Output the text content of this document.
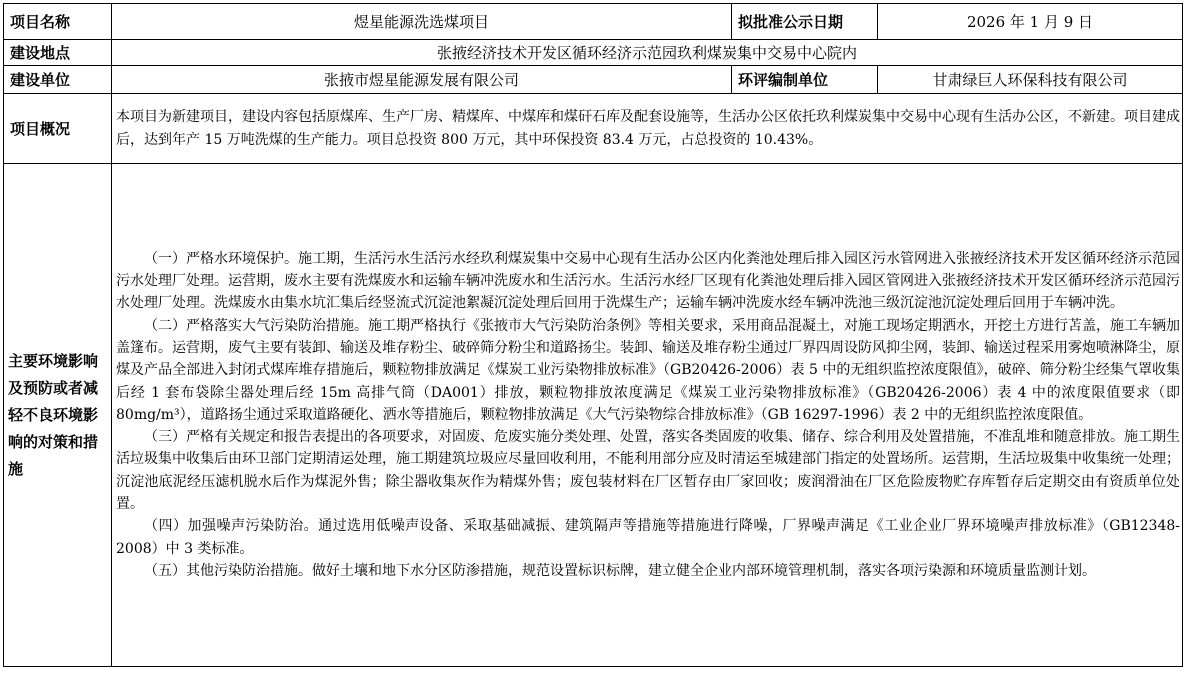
项目名称	煜星能源洗选煤项目	拟批准公示日期	2026 年 1 月 9 日
建设地点	张掖经济技术开发区循环经济示范园玖利煤炭集中交易中心院内		
建设单位	张掖市煜星能源发展有限公司	环评编制单位	甘肃绿巨人环保科技有限公司
项目概况	本项目为新建项目，建设内容包括原煤库、生产厂房、精煤库、中煤库和煤矸石库及配套设施等，生活办公区依托玖利煤炭集中交易中心现有生活办公区，不新建。项目建成后，达到年产 15 万吨洗煤的生产能力。项目总投资 800 万元，其中环保投资 83.4 万元，占总投资的 10.43%。		

主要环境影响及预防或者减轻不良环境影响的对策和措施	（一）严格水环境保护。施工期，生活污水生活污水经玖利煤炭集中交易中心现有生活办公区内化粪池处理后排入园区污水管网进入张掖经济技术开发区循环经济示范园污水处理厂处理。运营期，废水主要有洗煤废水和运输车辆冲洗废水和生活污水。生活污水经厂区现有化粪池处理后排入园区管网进入张掖经济技术开发区循环经济示范园污水处理厂处理。洗煤废水由集水坑汇集后经竖流式沉淀池絮凝沉淀处理后回用于洗煤生产；运输车辆冲洗废水经车辆冲洗池三级沉淀池沉淀处理后回用于车辆冲洗。

（二）严格落实大气污染防治措施。施工期严格执行《张掖市大气污染防治条例》等相关要求，采用商品混凝土，对施工现场定期洒水，开挖土方进行苫盖，施工车辆加盖篷布。运营期，废气主要有装卸、输送及堆存粉尘、破碎筛分粉尘和道路扬尘。装卸、输送及堆存粉尘通过厂界四周设防风抑尘网，装卸、输送过程采用雾炮喷淋降尘，原煤及产品全部进入封闭式煤库堆存措施后，颗粒物排放满足《煤炭工业污染物排放标准》（GB20426-2006）表 5 中的无组织监控浓度限值》，破碎、筛分粉尘经集气罩收集后经 1 套布袋除尘器处理后经 15m 高排气筒（DA001）排放，颗粒物排放浓度满足《煤炭工业污染物排放标准》（GB20426-2006）表 4 中的浓度限值要求（即 80mg/m³），道路扬尘通过采取道路硬化、洒水等措施后，颗粒物排放满足《大气污染物综合排放标准》（GB 16297-1996）表 2 中的无组织监控浓度限值。

（三）严格有关规定和报告表提出的各项要求，对固废、危废实施分类处理、处置，落实各类固废的收集、储存、综合利用及处置措施，不准乱堆和随意排放。施工期生活垃圾集中收集后由环卫部门定期清运处理，施工期建筑垃圾应尽量回收利用，不能利用部分应及时清运至城建部门指定的处置场所。运营期，生活垃圾集中收集统一处理；沉淀池底泥经压滤机脱水后作为煤泥外售；除尘器收集灰作为精煤外售；废包装材料在厂区暂存由厂家回收；废润滑油在厂区危险废物贮存库暂存后定期交由有资质单位处置。

（四）加强噪声污染防治。通过选用低噪声设备、采取基础减振、建筑隔声等措施等措施进行降噪，厂界噪声满足《工业企业厂界环境噪声排放标准》（GB12348-2008）中 3 类标准。

（五）其他污染防治措施。做好土壤和地下水分区防渗措施，规范设置标识标牌，建立健全企业内部环境管理机制，落实各项污染源和环境质量监测计划。		
